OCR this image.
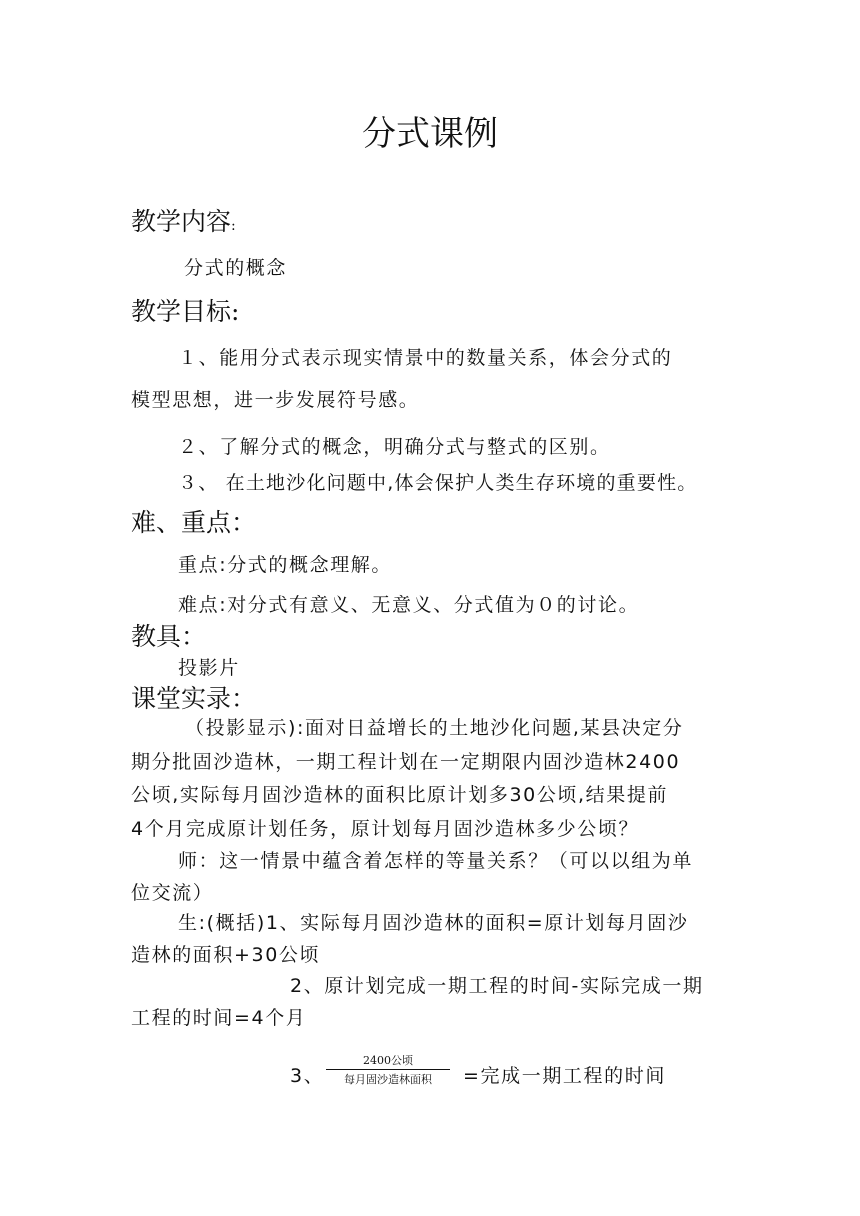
分式课例
教学内容:
分式的概念
教学目标:
１、能用分式表示现实情景中的数量关系，体会分式的
模型思想，进一步发展符号感。
２、了解分式的概念，明确分式与整式的区别。
３、 在土地沙化问题中,体会保护人类生存环境的重要性。
难、重点：
重点:分式的概念理解。
难点:对分式有意义、无意义、分式值为０的讨论。
教具：
投影片
课堂实录：
（投影显示):面对日益增长的土地沙化问题,某县决定分
期分批固沙造林，一期工程计划在一定期限内固沙造林2400
公顷,实际每月固沙造林的面积比原计划多30公顷,结果提前
4个月完成原计划任务，原计划每月固沙造林多少公顷？
师：这一情景中蕴含着怎样的等量关系？（可以以组为单
位交流）
生:(概括)1、实际每月固沙造林的面积=原计划每月固沙
造林的面积+30公顷
2、原计划完成一期工程的时间-实际完成一期
工程的时间=4个月
3、
2400公顷
每月固沙造林面积	=完成一期工程的时间
